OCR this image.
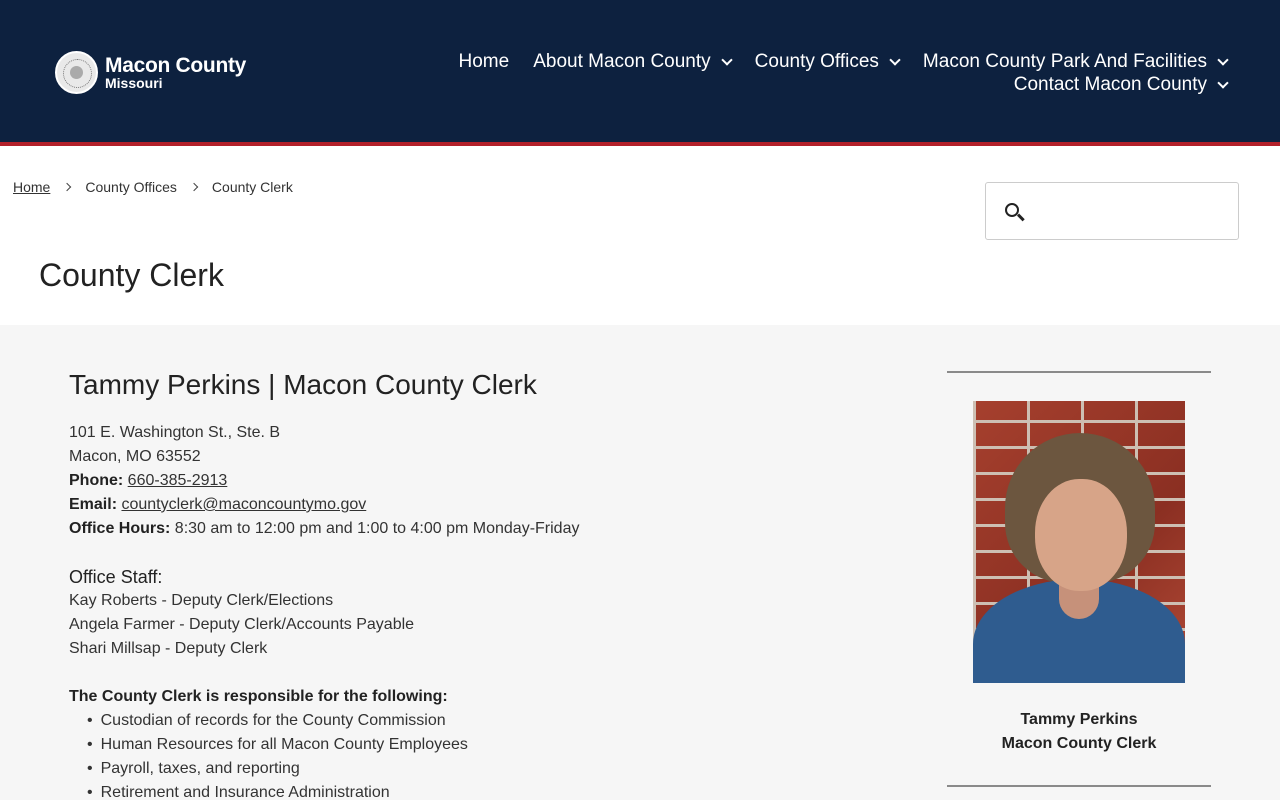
Macon County
Missouri
Home About Macon County County Offices Macon County Park And Facilities
Contact Macon County
Home	County Offices	County Clerk
County Clerk
Tammy Perkins | Macon County Clerk
101 E. Washington St., Ste. B
Macon, MO 63552
Phone: 660-385-2913
Email: countyclerk@maconcountymo.gov
Office Hours: 8:30 am to 12:00 pm and 1:00 to 4:00 pm Monday-Friday
Office Staff:
Kay Roberts - Deputy Clerk/Elections
Angela Farmer - Deputy Clerk/Accounts Payable
Shari Millsap - Deputy Clerk
The County Clerk is responsible for the following:
• Custodian of records for the County Commission
• Human Resources for all Macon County Employees
• Payroll, taxes, and reporting
• Retirement and Insurance Administration
Tammy Perkins
Macon County Clerk
